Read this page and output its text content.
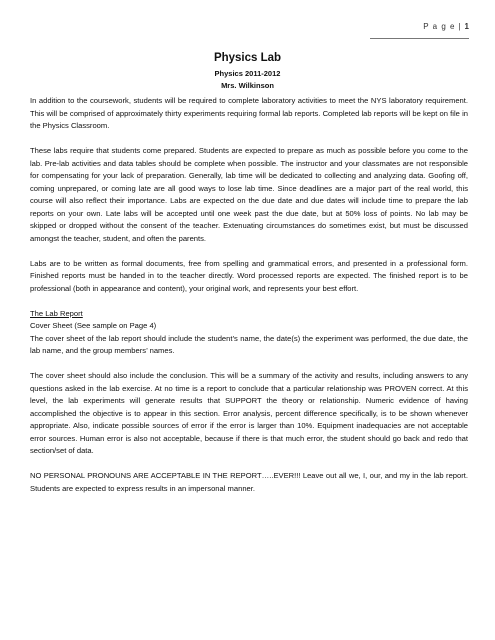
P a g e | 1
Physics Lab
Physics 2011-2012
Mrs. Wilkinson

In addition to the coursework, students will be required to complete laboratory activities to meet the NYS laboratory requirement. This will be comprised of approximately thirty experiments requiring formal lab reports. Completed lab reports will be kept on file in the Physics Classroom.

These labs require that students come prepared. Students are expected to prepare as much as possible before you come to the lab. Pre-lab activities and data tables should be complete when possible. The instructor and your classmates are not responsible for compensating for your lack of preparation. Generally, lab time will be dedicated to collecting and analyzing data. Goofing off, coming unprepared, or coming late are all good ways to lose lab time. Since deadlines are a major part of the real world, this course will also reflect their importance. Labs are expected on the due date and due dates will include time to prepare the lab reports on your own. Late labs will be accepted until one week past the due date, but at 50% loss of points. No lab may be skipped or dropped without the consent of the teacher. Extenuating circumstances do sometimes exist, but must be discussed amongst the teacher, student, and often the parents.

Labs are to be written as formal documents, free from spelling and grammatical errors, and presented in a professional form. Finished reports must be handed in to the teacher directly. Word processed reports are expected. The finished report is to be professional (both in appearance and content), your original work, and represents your best effort.

The Lab Report
Cover Sheet (See sample on Page 4)

The cover sheet of the lab report should include the student’s name, the date(s) the experiment was performed, the due date, the lab name, and the group members’ names.

The cover sheet should also include the conclusion. This will be a summary of the activity and results, including answers to any questions asked in the lab exercise. At no time is a report to conclude that a particular relationship was PROVEN correct. At this level, the lab experiments will generate results that SUPPORT the theory or relationship. Numeric evidence of having accomplished the objective is to appear in this section. Error analysis, percent difference specifically, is to be shown whenever appropriate. Also, indicate possible sources of error if the error is larger than 10%. Equipment inadequacies are not acceptable error sources. Human error is also not acceptable, because if there is that much error, the student should go back and redo that section/set of data.

NO PERSONAL PRONOUNS ARE ACCEPTABLE IN THE REPORT…..EVER!!! Leave out all we, I, our, and my in the lab report. Students are expected to express results in an impersonal manner.
